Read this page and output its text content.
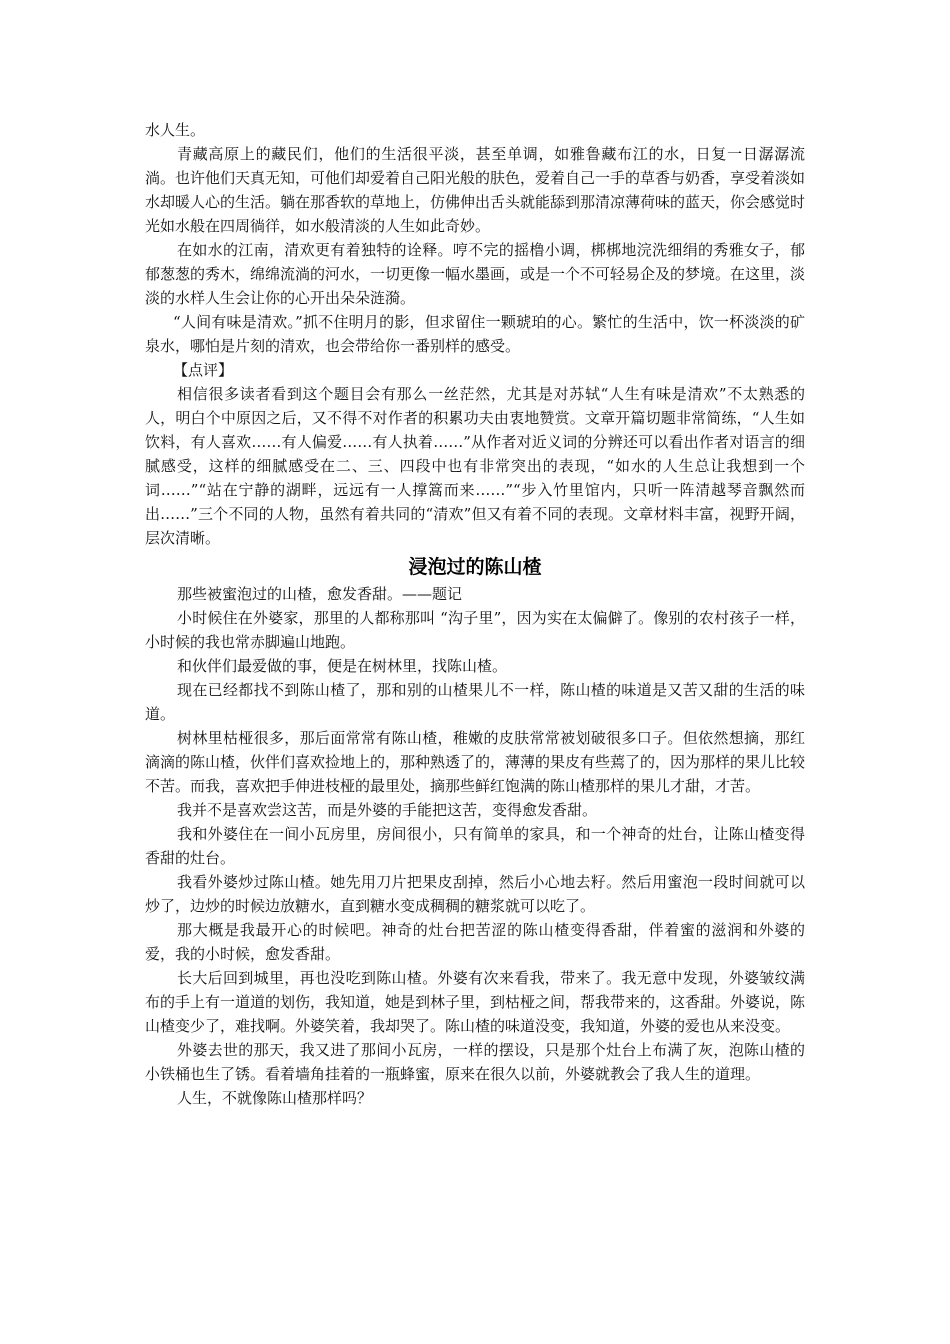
水人生。

青藏高原上的藏民们，他们的生活很平淡，甚至单调，如雅鲁藏布江的水，日复一日潺潺流淌。也许他们天真无知，可他们却爱着自己阳光般的肤色，爱着自己一手的草香与奶香，享受着淡如水却暖人心的生活。躺在那香软的草地上，仿佛伸出舌头就能舔到那清凉薄荷味的蓝天，你会感觉时光如水般在四周徜徉，如水般清淡的人生如此奇妙。

在如水的江南，清欢更有着独特的诠释。哼不完的摇橹小调，梆梆地浣洗细绢的秀雅女子，郁郁葱葱的秀木，绵绵流淌的河水，一切更像一幅水墨画，或是一个不可轻易企及的梦境。在这里，淡淡的水样人生会让你的心开出朵朵涟漪。

“人间有味是清欢。”抓不住明月的影，但求留住一颗琥珀的心。繁忙的生活中，饮一杯淡淡的矿泉水，哪怕是片刻的清欢，也会带给你一番别样的感受。

【点评】

相信很多读者看到这个题目会有那么一丝茫然，尤其是对苏轼“人生有味是清欢”不太熟悉的人，明白个中原因之后，又不得不对作者的积累功夫由衷地赞赏。文章开篇切题非常简练，“人生如饮料，有人喜欢……有人偏爱……有人执着……”从作者对近义词的分辨还可以看出作者对语言的细腻感受，这样的细腻感受在二、三、四段中也有非常突出的表现，“如水的人生总让我想到一个词……”“站在宁静的湖畔，远远有一人撑篙而来……”“步入竹里馆内，只听一阵清越琴音飘然而出……”三个不同的人物，虽然有着共同的“清欢”但又有着不同的表现。文章材料丰富，视野开阔，层次清晰。

浸泡过的陈山楂

那些被蜜泡过的山楂，愈发香甜。——题记

小时候住在外婆家，那里的人都称那叫 “沟子里”，因为实在太偏僻了。像别的农村孩子一样，小时候的我也常赤脚遍山地跑。

和伙伴们最爱做的事，便是在树林里，找陈山楂。

现在已经都找不到陈山楂了，那和别的山楂果儿不一样，陈山楂的味道是又苦又甜的生活的味道。

树林里枯桠很多，那后面常常有陈山楂，稚嫩的皮肤常常被划破很多口子。但依然想摘，那红滴滴的陈山楂，伙伴们喜欢捡地上的，那种熟透了的，薄薄的果皮有些蔫了的，因为那样的果儿比较不苦。而我，喜欢把手伸进枝桠的最里处，摘那些鲜红饱满的陈山楂那样的果儿才甜，才苦。

我并不是喜欢尝这苦，而是外婆的手能把这苦，变得愈发香甜。

我和外婆住在一间小瓦房里，房间很小，只有简单的家具，和一个神奇的灶台，让陈山楂变得香甜的灶台。

我看外婆炒过陈山楂。她先用刀片把果皮刮掉，然后小心地去籽。然后用蜜泡一段时间就可以炒了，边炒的时候边放糖水，直到糖水变成稠稠的糖浆就可以吃了。

那大概是我最开心的时候吧。神奇的灶台把苦涩的陈山楂变得香甜，伴着蜜的滋润和外婆的爱，我的小时候，愈发香甜。

长大后回到城里，再也没吃到陈山楂。外婆有次来看我，带来了。我无意中发现，外婆皱纹满布的手上有一道道的划伤，我知道，她是到林子里，到枯桠之间，帮我带来的，这香甜。外婆说，陈山楂变少了，难找啊。外婆笑着，我却哭了。陈山楂的味道没变，我知道，外婆的爱也从来没变。

外婆去世的那天，我又进了那间小瓦房，一样的摆设，只是那个灶台上布满了灰，泡陈山楂的小铁桶也生了锈。看着墙角挂着的一瓶蜂蜜，原来在很久以前，外婆就教会了我人生的道理。

人生，不就像陈山楂那样吗？
